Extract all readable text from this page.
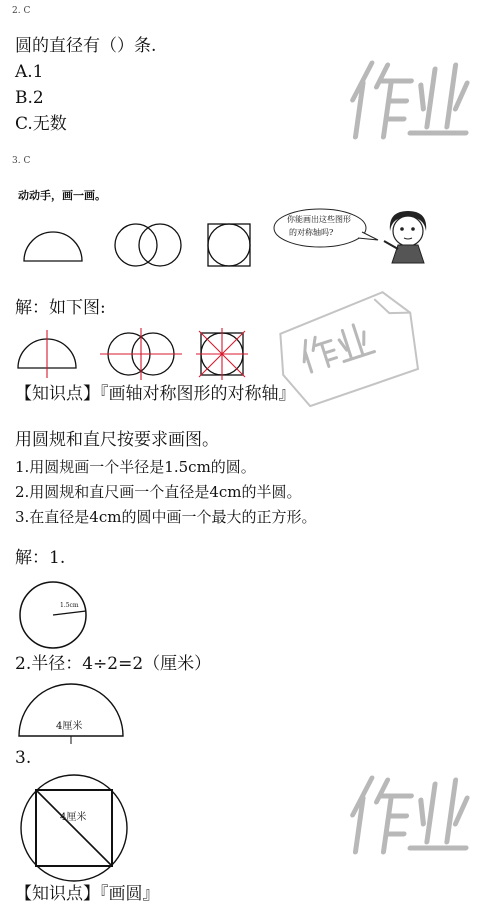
2. C
圆的直径有（）条.
A.1
B.2
C.无数
3. C
动动手，画一画。
你能画出这些图形
的对称轴吗?
解：如下图:
【知识点】『画轴对称图形的对称轴』
用圆规和直尺按要求画图。
1.用圆规画一个半径是1.5cm的圆。
2.用圆规和直尺画一个直径是4cm的半圆。
3.在直径是4cm的圆中画一个最大的正方形。
解：1.
1.5cm
2.半径：4÷2=2（厘米）
4厘米
3.
4厘米
【知识点】『画圆』
